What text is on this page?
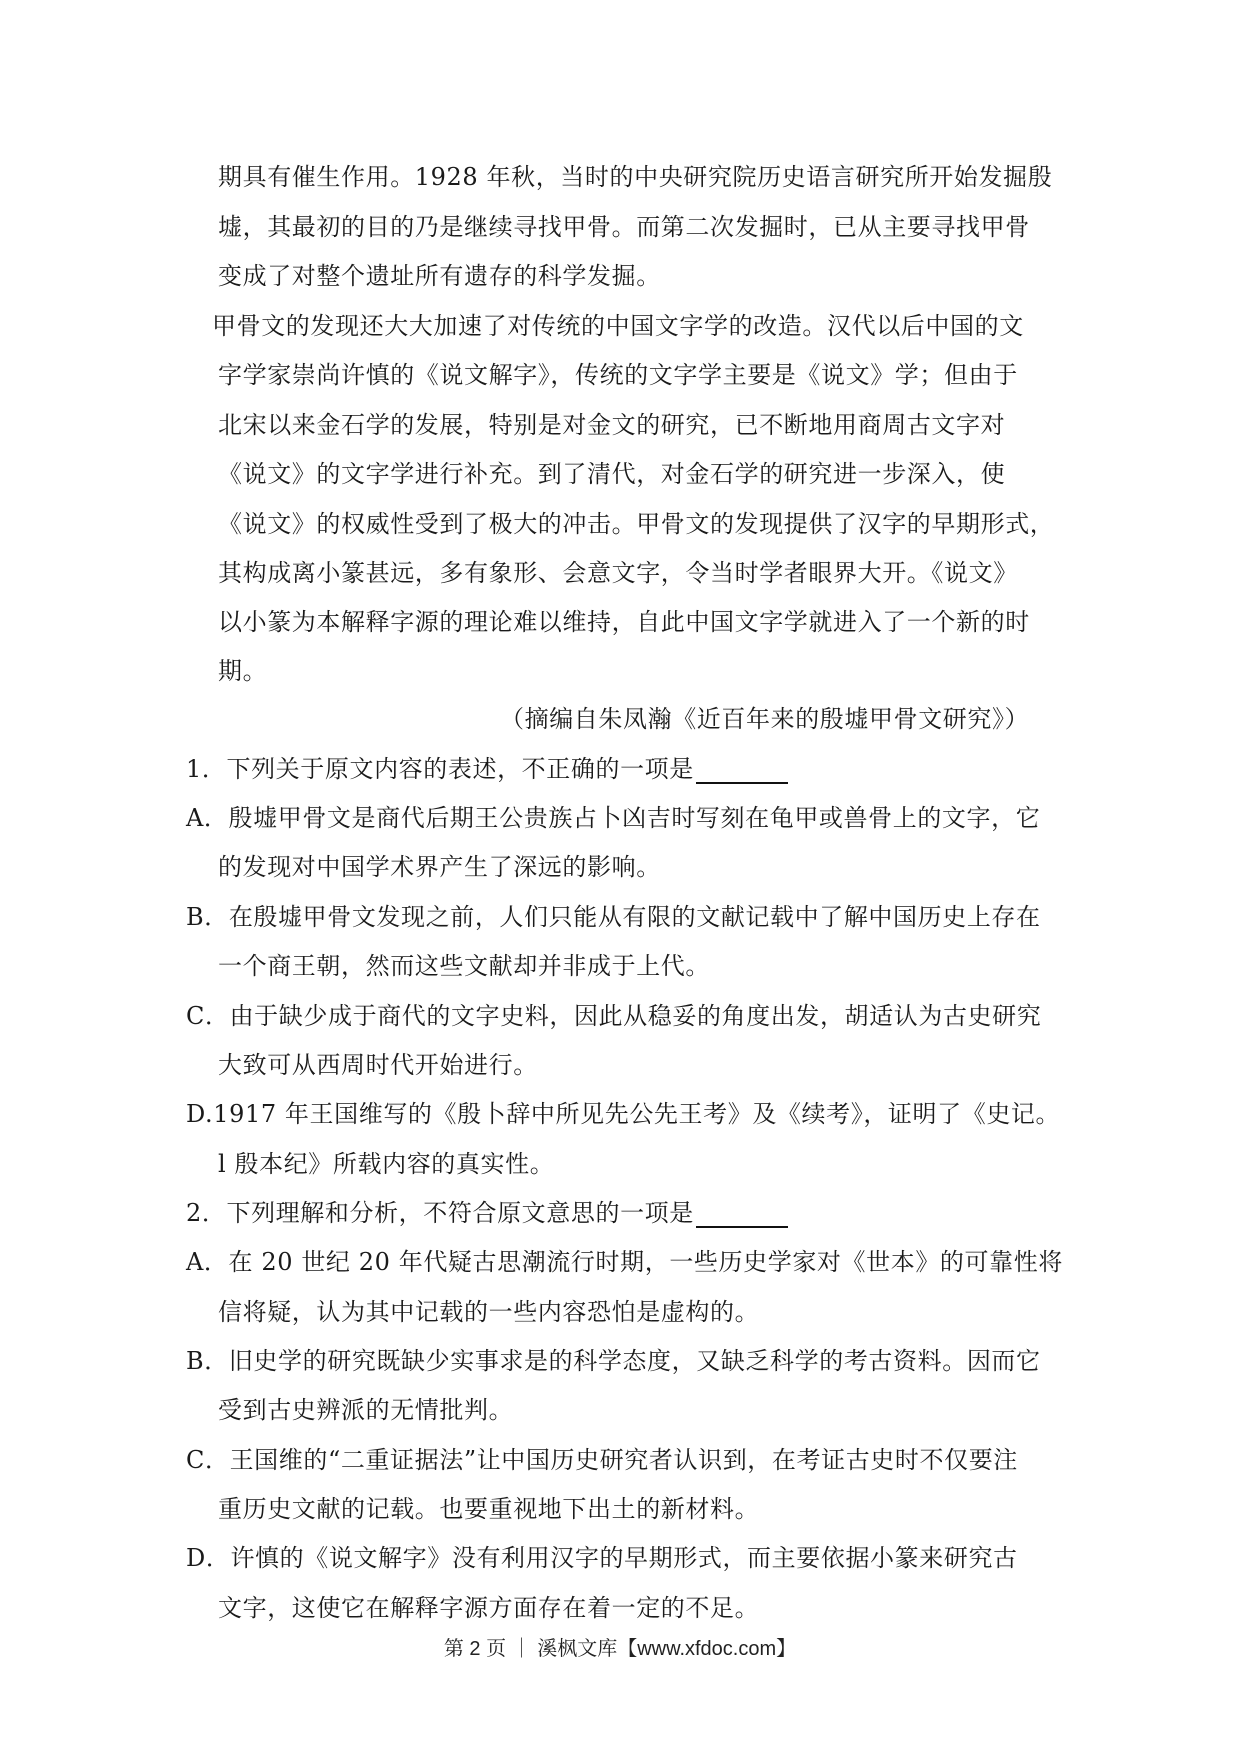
期具有催生作用。1928 年秋，当时的中央研究院历史语言研究所开始发掘殷
墟，其最初的目的乃是继续寻找甲骨。而第二次发掘时，已从主要寻找甲骨
变成了对整个遗址所有遗存的科学发掘。
甲骨文的发现还大大加速了对传统的中国文字学的改造。汉代以后中国的文
字学家崇尚许慎的《说文解字》，传统的文字学主要是《说文》学；但由于
北宋以来金石学的发展，特别是对金文的研究，已不断地用商周古文字对
《说文》的文字学进行补充。到了清代，对金石学的研究进一步深入，使
《说文》的权威性受到了极大的冲击。甲骨文的发现提供了汉字的早期形式，
其构成离小篆甚远，多有象形、会意文字，令当时学者眼界大开。《说文》
以小篆为本解释字源的理论难以维持，自此中国文字学就进入了一个新的时
期。
（摘编自朱凤瀚《近百年来的殷墟甲骨文研究》）
1．下列关于原文内容的表述，不正确的一项是
A．殷墟甲骨文是商代后期王公贵族占卜凶吉时写刻在龟甲或兽骨上的文字，它
的发现对中国学术界产生了深远的影响。
B．在殷墟甲骨文发现之前，人们只能从有限的文献记载中了解中国历史上存在
一个商王朝，然而这些文献却并非成于上代。
C．由于缺少成于商代的文字史料，因此从稳妥的角度出发，胡适认为古史研究
大致可从西周时代开始进行。
D.1917 年王国维写的《殷卜辞中所见先公先王考》及《续考》，证明了《史记。
l 殷本纪》所载内容的真实性。
2．下列理解和分析，不符合原文意思的一项是
A．在 20 世纪 20 年代疑古思潮流行时期，一些历史学家对《世本》的可靠性将
信将疑，认为其中记载的一些内容恐怕是虚构的。
B．旧史学的研究既缺少实事求是的科学态度，又缺乏科学的考古资料。因而它
受到古史辨派的无情批判。
C．王国维的“二重证据法”让中国历史研究者认识到，在考证古史时不仅要注
重历史文献的记载。也要重视地下出土的新材料。
D．许慎的《说文解字》没有利用汉字的早期形式，而主要依据小篆来研究古
文字，这使它在解释字源方面存在着一定的不足。
第 2 页 ｜ 溪枫文库【www.xfdoc.com】
